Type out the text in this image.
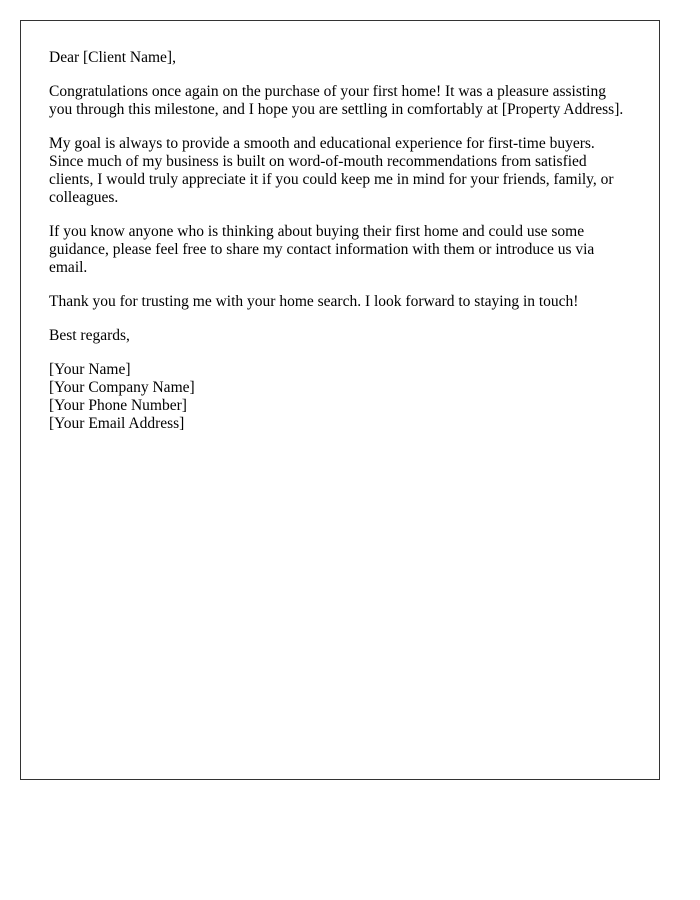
Dear [Client Name],

Congratulations once again on the purchase of your first home! It was a pleasure assisting you through this milestone, and I hope you are settling in comfortably at [Property Address].

My goal is always to provide a smooth and educational experience for first-time buyers. Since much of my business is built on word-of-mouth recommendations from satisfied clients, I would truly appreciate it if you could keep me in mind for your friends, family, or colleagues.

If you know anyone who is thinking about buying their first home and could use some guidance, please feel free to share my contact information with them or introduce us via email.

Thank you for trusting me with your home search. I look forward to staying in touch!

Best regards,

[Your Name]
[Your Company Name]
[Your Phone Number]
[Your Email Address]
